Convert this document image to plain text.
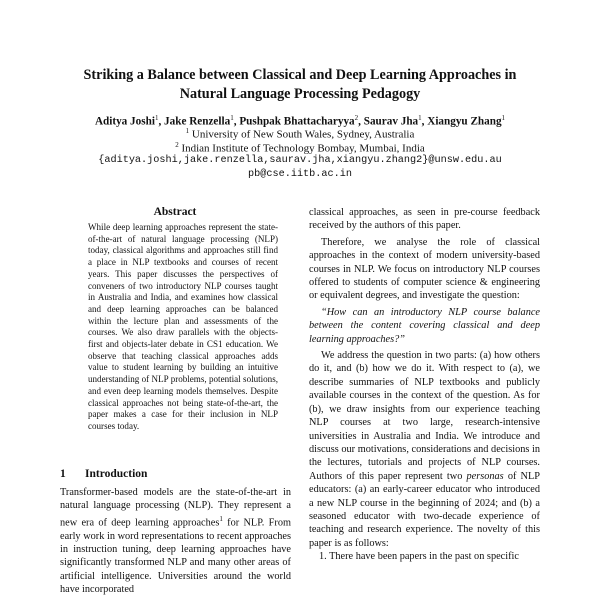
Striking a Balance between Classical and Deep Learning Approaches in Natural Language Processing Pedagogy
Aditya Joshi$^1$, Jake Renzella$^1$, Pushpak Bhattacharyya$^2$, Saurav Jha$^1$, Xiangyu Zhang$^1$
$^1$ University of New South Wales, Sydney, Australia
$^2$ Indian Institute of Technology Bombay, Mumbai, India
{aditya.joshi,jake.renzella,saurav.jha,xiangyu.zhang2}@unsw.edu.au
pb@cse.iitb.ac.in
Abstract
While deep learning approaches represent the state-of-the-art of natural language processing (NLP) today, classical algorithms and approaches still find a place in NLP textbooks and courses of recent years. This paper discusses the perspectives of conveners of two introductory NLP courses taught in Australia and India, and examines how classical and deep learning approaches can be balanced within the lecture plan and assessments of the courses. We also draw parallels with the objects-first and objects-later debate in CS1 education. We observe that teaching classical approaches adds value to student learning by building an intuitive understanding of NLP problems, potential solutions, and even deep learning models themselves. Despite classical approaches not being state-of-the-art, the paper makes a case for their inclusion in NLP courses today.
1 Introduction
Transformer-based models are the state-of-the-art in natural language processing (NLP). They represent a new era of deep learning approaches$^1$ for NLP. From early work in word representations to recent approaches in instruction tuning, deep learning approaches have significantly transformed NLP and many other areas of artificial intelligence. Universities around the world have incorporated

classical approaches, as seen in pre-course feedback received by the authors of this paper.

Therefore, we analyse the role of classical approaches in the context of modern university-based courses in NLP. We focus on introductory NLP courses offered to students of computer science & engineering or equivalent degrees, and investigate the question:

“How can an introductory NLP course balance between the content covering classical and deep learning approaches?”

We address the question in two parts: (a) how others do it, and (b) how we do it. With respect to (a), we describe summaries of NLP textbooks and publicly available courses in the context of the question. As for (b), we draw insights from our experience teaching NLP courses at two large, research-intensive universities in Australia and India. We introduce and discuss our motivations, considerations and decisions in the lectures, tutorials and projects of NLP courses. Authors of this paper represent two personas of NLP educators: (a) an early-career educator who introduced a new NLP course in the beginning of 2024; and (b) a seasoned educator with two-decade experience of teaching and research experience. The novelty of this paper is as follows:

1. There have been papers in the past on specific
